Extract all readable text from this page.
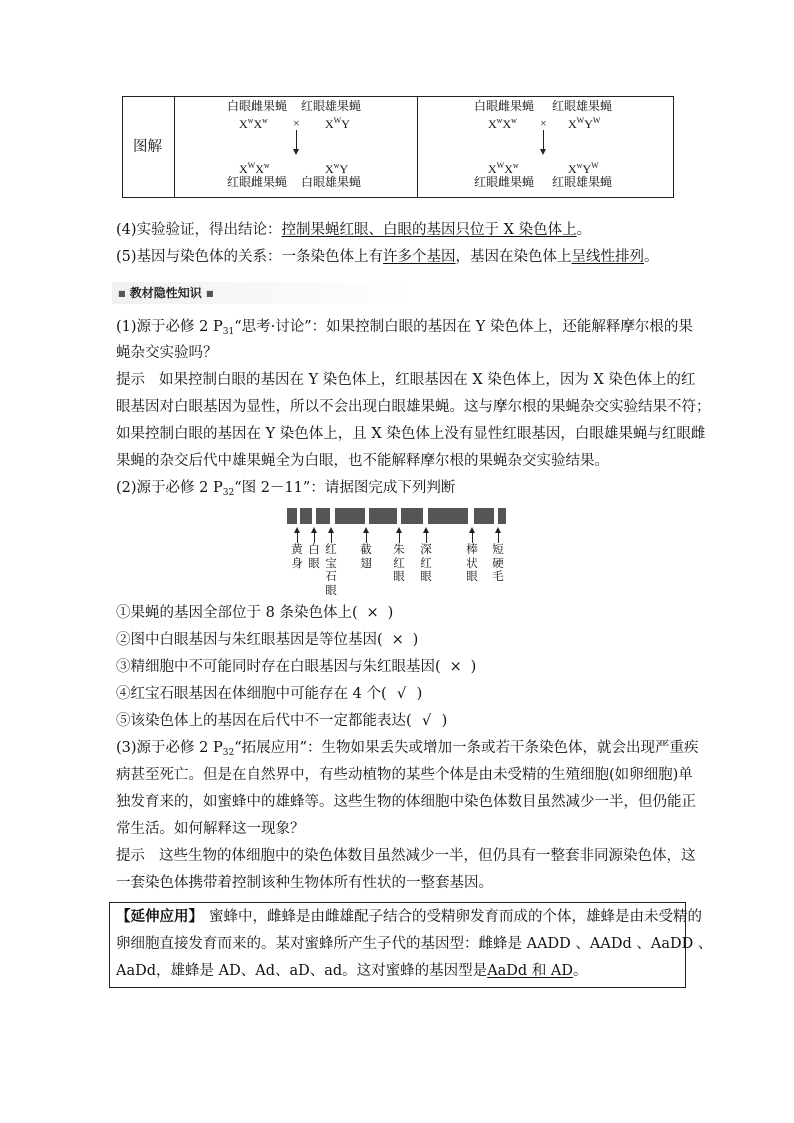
图解
白眼雌果蝇 红眼雄果蝇
$X^wX^w \times X^WY$
$X^WX^w$	$X^wY$
红眼雌果蝇 白眼雄果蝇
白眼雌果蝇 红眼雄果蝇
$X^wX^w \times X^WY^W$
$X^WX^w$	$X^wY^W$
红眼雌果蝇 红眼雄果蝇
(4)实验验证，得出结论：控制果蝇红眼、白眼的基因只位于 X 染色体上。
(5)基因与染色体的关系：一条染色体上有许多个基因，基因在染色体上呈线性排列。
■ 教材隐性知识 ■
(1)源于必修 2 $P_{31}“$思考·讨论”：如果控制白眼的基因在 Y 染色体上，还能解释摩尔根的果
蝇杂交实验吗？
提示 如果控制白眼的基因在 Y 染色体上，红眼基因在 X 染色体上，因为 X 染色体上的红
眼基因对白眼基因为显性，所以不会出现白眼雄果蝇。这与摩尔根的果蝇杂交实验结果不符；
如果控制白眼的基因在 Y 染色体上，且 X 染色体上没有显性红眼基因，白眼雄果蝇与红眼雌
果蝇的杂交后代中雄果蝇全为白眼，也不能解释摩尔根的果蝇杂交实验结果。
(2)源于必修 2 $P_{32}“$图 2－11”：请据图完成下列判断
黄身
白眼
红宝石眼
截翅
朱红眼
深红眼
棒状眼
短硬毛
①果蝇的基因全部位于 8 条染色体上( × )
②图中白眼基因与朱红眼基因是等位基因( × )
③精细胞中不可能同时存在白眼基因与朱红眼基因( × )
④红宝石眼基因在体细胞中可能存在 4 个( √ )
⑤该染色体上的基因在后代中不一定都能表达( √ )
(3)源于必修 2 $P_{32}“$拓展应用”：生物如果丢失或增加一条或若干条染色体，就会出现严重疾
病甚至死亡。但是在自然界中，有些动植物的某些个体是由未受精的生殖细胞(如卵细胞)单
独发育来的，如蜜蜂中的雄蜂等。这些生物的体细胞中染色体数目虽然减少一半，但仍能正
常生活。如何解释这一现象？
提示 这些生物的体细胞中的染色体数目虽然减少一半，但仍具有一整套非同源染色体，这
一套染色体携带着控制该种生物体所有性状的一整套基因。
【延伸应用】 蜜蜂中，雌蜂是由雌雄配子结合的受精卵发育而成的个体，雄蜂是由未受精的
卵细胞直接发育而来的。某对蜜蜂所产生子代的基因型：雌蜂是 AADD 、AADd 、AaDD 、
AaDd，雄蜂是 AD、Ad、aD、ad。这对蜜蜂的基因型是AaDd 和 AD。
